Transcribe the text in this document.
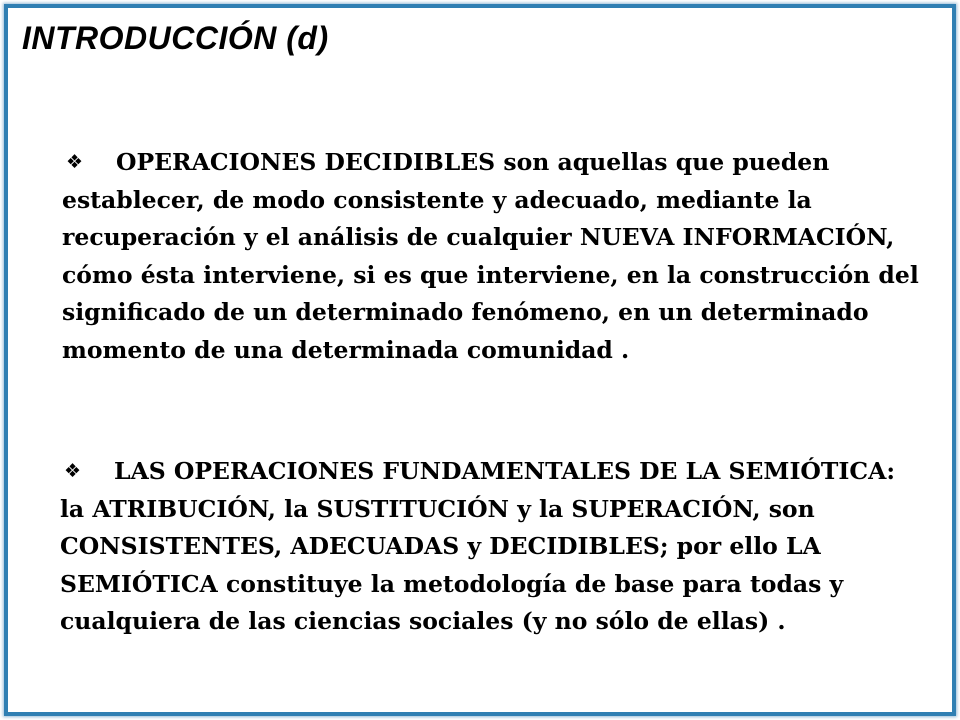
INTRODUCCIÓN (d)

❖ OPERACIONES DECIDIBLES son aquellas que pueden establecer, de modo consistente y adecuado, mediante la recuperación y el análisis de cualquier NUEVA INFORMACIÓN, cómo ésta interviene, si es que interviene, en la construcción del significado de un determinado fenómeno, en un determinado momento de una determinada comunidad .

❖ LAS OPERACIONES FUNDAMENTALES DE LA SEMIÓTICA: la ATRIBUCIÓN, la SUSTITUCIÓN y la SUPERACIÓN, son CONSISTENTES, ADECUADAS y DECIDIBLES; por ello LA SEMIÓTICA constituye la metodología de base para todas y cualquiera de las ciencias sociales (y no sólo de ellas) .
